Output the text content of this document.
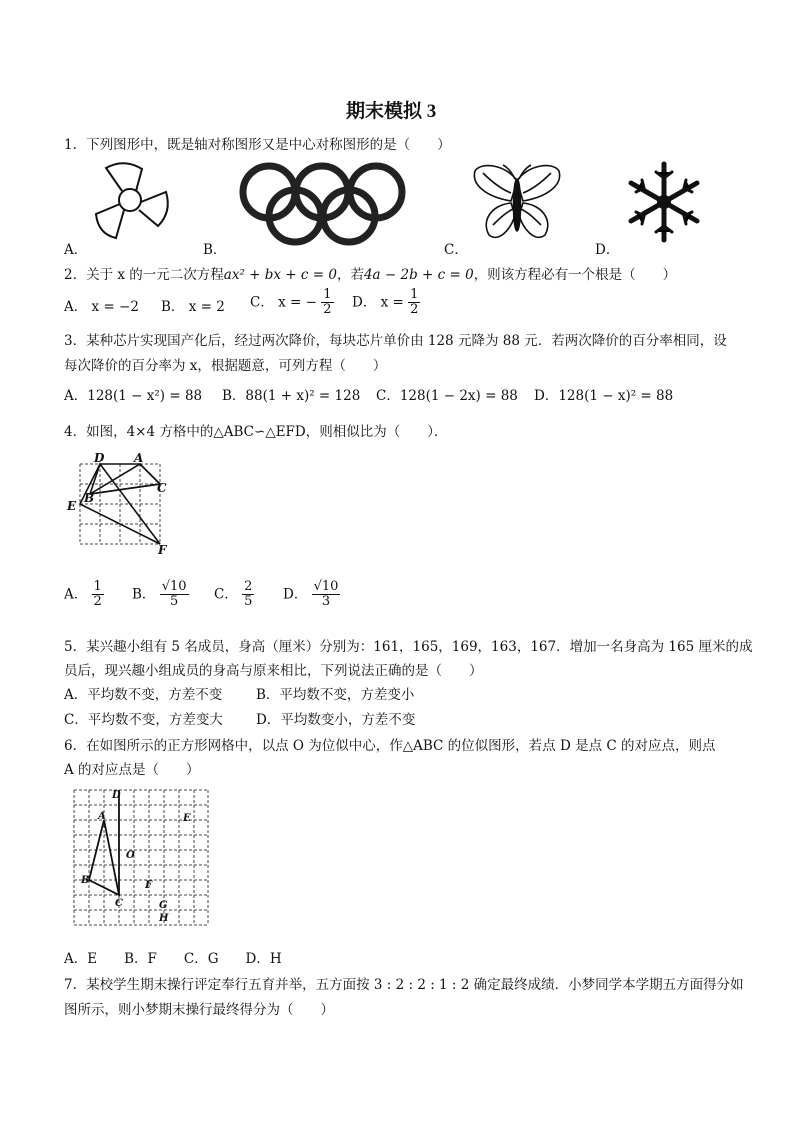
期末模拟 3
1．下列图形中，既是轴对称图形又是中心对称图形的是（　　）
A．	B．	C．	D．
2．关于 x 的一元二次方程ax² + bx + c = 0，若4a − 2b + c = 0，则该方程必有一个根是（　　）
A． x = −2 B． x = 2 C． x = − $\frac{1}{2}$ D． $x = \frac{1}{2}$
3．某种芯片实现国产化后，经过两次降价，每块芯片单价由 128 元降为 88 元．若两次降价的百分率相同，设
每次降价的百分率为 x，根据题意，可列方程（　　）
A．128(1 − x²) = 88 B．88(1 + x)² = 128 C．128(1 − 2x) = 88 D．128(1 − x)² = 88
4．如图，4×4 方格中的△ABC∽△EFD，则相似比为（　　）．
D A
C
E
B
F
A． $\frac{1}{2}$ B． $\frac{√10}{5}$ C． $\frac{2}{5}$ D． $\frac{√10}{3}$
5．某兴趣小组有 5 名成员，身高（厘米）分别为：161，165，169，163，167．增加一名身高为 165 厘米的成
员后，现兴趣小组成员的身高与原来相比，下列说法正确的是（　　）
A．平均数不变，方差不变	B．平均数不变，方差变小
C．平均数不变，方差变大 D．平均数变小，方差不变
6．在如图所示的正方形网格中，以点 O 为位似中心，作△ABC 的位似图形，若点 D 是点 C 的对应点，则点
A 的对应点是（　　）
D
A	E
O
B	F
C	G
H
A．E　　B．F　　C．G　　D．H
7．某校学生期末操行评定奉行五育并举，五方面按 3 : 2 : 2 : 1 : 2 确定最终成绩．小梦同学本学期五方面得分如
图所示，则小梦期末操行最终得分为（　　）
